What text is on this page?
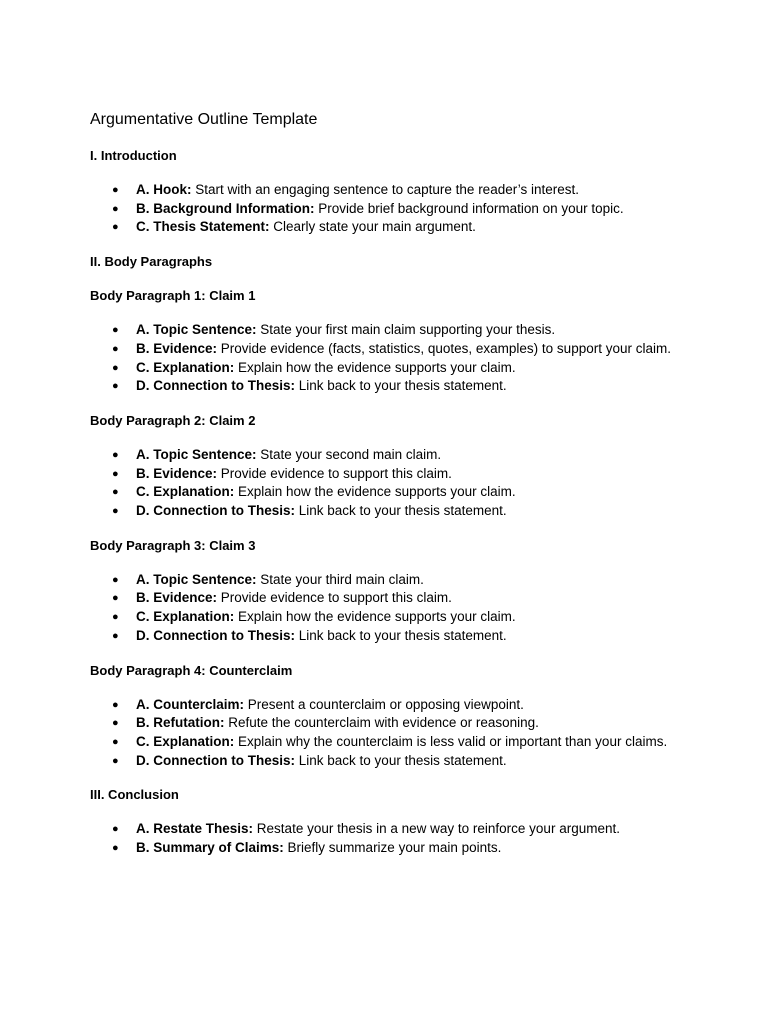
Argumentative Outline Template
I. Introduction
● A. Hook: Start with an engaging sentence to capture the reader’s interest.
● B. Background Information: Provide brief background information on your topic.
● C. Thesis Statement: Clearly state your main argument.
II. Body Paragraphs
Body Paragraph 1: Claim 1
● A. Topic Sentence: State your first main claim supporting your thesis.
● B. Evidence: Provide evidence (facts, statistics, quotes, examples) to support your claim.
● C. Explanation: Explain how the evidence supports your claim.
● D. Connection to Thesis: Link back to your thesis statement.
Body Paragraph 2: Claim 2
● A. Topic Sentence: State your second main claim.
● B. Evidence: Provide evidence to support this claim.
● C. Explanation: Explain how the evidence supports your claim.
● D. Connection to Thesis: Link back to your thesis statement.
Body Paragraph 3: Claim 3
● A. Topic Sentence: State your third main claim.
● B. Evidence: Provide evidence to support this claim.
● C. Explanation: Explain how the evidence supports your claim.
● D. Connection to Thesis: Link back to your thesis statement.
Body Paragraph 4: Counterclaim
● A. Counterclaim: Present a counterclaim or opposing viewpoint.
● B. Refutation: Refute the counterclaim with evidence or reasoning.
● C. Explanation: Explain why the counterclaim is less valid or important than your claims.
● D. Connection to Thesis: Link back to your thesis statement.
III. Conclusion
● A. Restate Thesis: Restate your thesis in a new way to reinforce your argument.
● B. Summary of Claims: Briefly summarize your main points.
